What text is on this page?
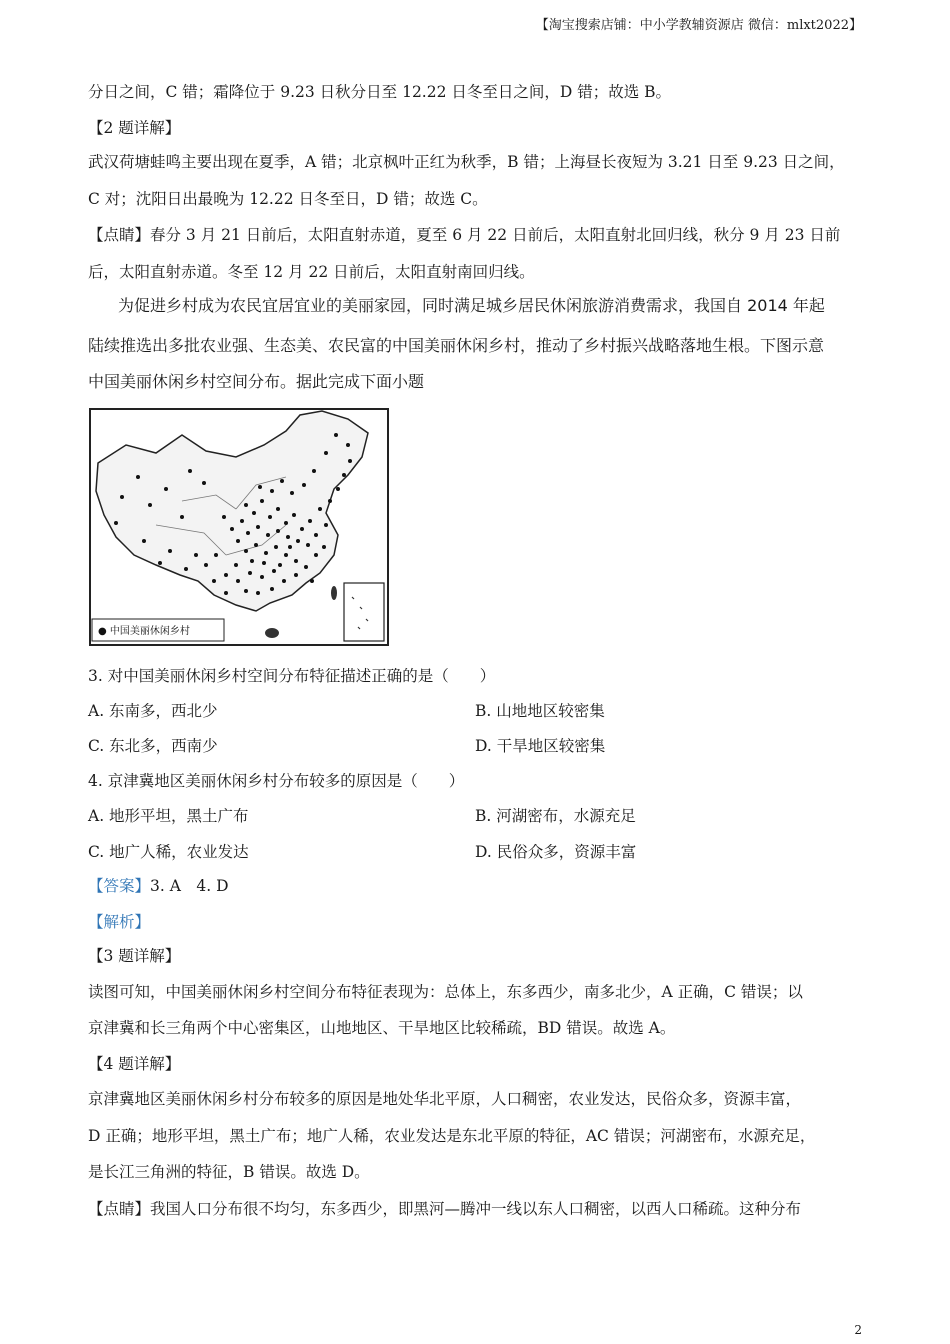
【淘宝搜索店铺：中小学教辅资源店 微信：mlxt2022】
分日之间，C 错；霜降位于 9.23 日秋分日至 12.22 日冬至日之间，D 错；故选 B。
【2 题详解】
武汉荷塘蛙鸣主要出现在夏季，A 错；北京枫叶正红为秋季，B 错；上海昼长夜短为 3.21 日至 9.23 日之间，
C 对；沈阳日出最晚为 12.22 日冬至日，D 错；故选 C。
【点睛】春分 3 月 21 日前后，太阳直射赤道，夏至 6 月 22 日前后，太阳直射北回归线，秋分 9 月 23 日前
后，太阳直射赤道。冬至 12 月 22 日前后，太阳直射南回归线。
为促进乡村成为农民宜居宜业的美丽家园，同时满足城乡居民休闲旅游消费需求，我国自 2014 年起
陆续推选出多批农业强、生态美、农民富的中国美丽休闲乡村，推动了乡村振兴战略落地生根。下图示意
中国美丽休闲乡村空间分布。据此完成下面小题
● 中国美丽休闲乡村
3. 对中国美丽休闲乡村空间分布特征描述正确的是（　　）
A. 东南多，西北少	B. 山地地区较密集
C. 东北多，西南少	D. 干旱地区较密集
4. 京津冀地区美丽休闲乡村分布较多的原因是（　　）
A. 地形平坦，黑土广布	B. 河湖密布，水源充足
C. 地广人稀，农业发达	D. 民俗众多，资源丰富
【答案】3. A　4. D
【解析】
【3 题详解】
读图可知，中国美丽休闲乡村空间分布特征表现为：总体上，东多西少，南多北少，A 正确，C 错误；以
京津冀和长三角两个中心密集区，山地地区、干旱地区比较稀疏，BD 错误。故选 A。
【4 题详解】
京津冀地区美丽休闲乡村分布较多的原因是地处华北平原，人口稠密，农业发达，民俗众多，资源丰富，
D 正确；地形平坦，黑土广布；地广人稀，农业发达是东北平原的特征，AC 错误；河湖密布，水源充足，
是长江三角洲的特征，B 错误。故选 D。
【点睛】我国人口分布很不均匀，东多西少，即黑河—腾冲一线以东人口稠密，以西人口稀疏。这种分布
2
